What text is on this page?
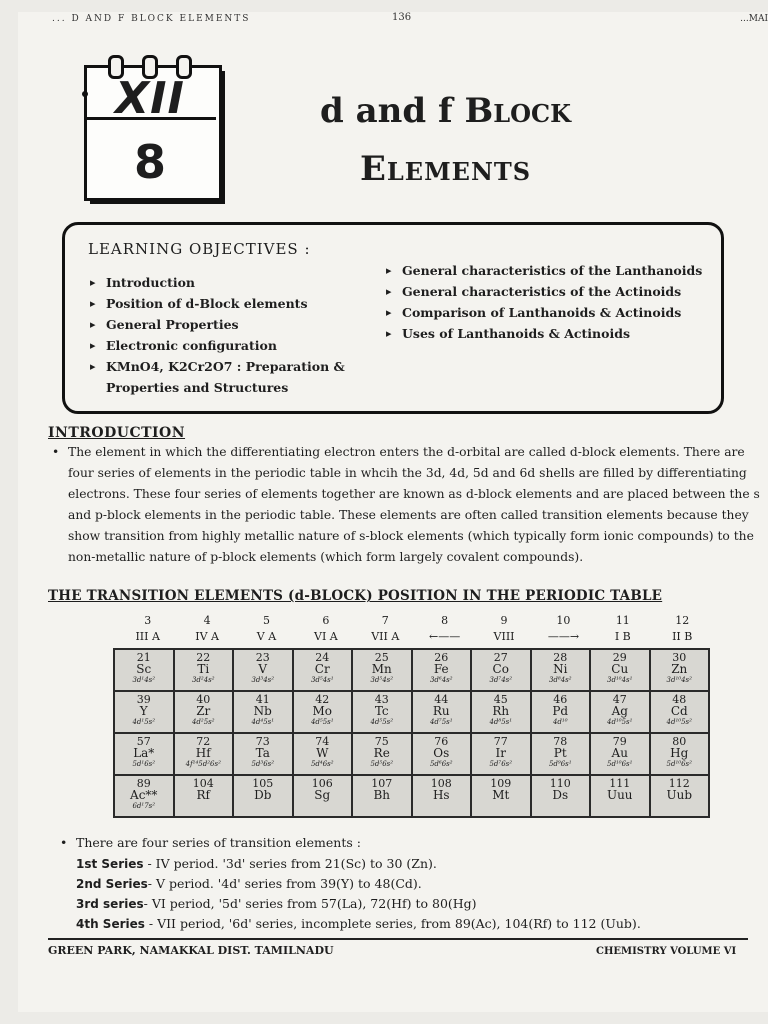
... D AND F BLOCK ELEMENTS	136	...MAI
XII
8
d and f Block
Elements
LEARNING OBJECTIVES :
▸ Introduction
▸ Position of d-Block elements
▸ General Properties
▸ Electronic configuration
▸ KMnO4, K2Cr2O7 : Preparation & Properties and Structures
▸ General characteristics of the Lanthanoids
▸ General characteristics of the Actinoids
▸ Comparison of Lanthanoids & Actinoids
▸ Uses of Lanthanoids & Actinoids
INTRODUCTION
• The element in which the differentiating electron enters the d-orbital are called d-block elements. There are four series of elements in the periodic table in whcih the 3d, 4d, 5d and 6d shells are filled by differentiating electrons. These four series of elements together are known as d-block elements and are placed between the s and p-block elements in the periodic table. These elements are often called transition elements because they show transition from highly metallic nature of s-block elements (which typically form ionic compounds) to the non-metallic nature of p-block elements (which form largely covalent compounds).
THE TRANSITION ELEMENTS (d-BLOCK) POSITION IN THE PERIODIC TABLE
3	4	5	6	7	8	9	10	11	12
III A	IV A	V A	VI A	VII A	←——	VIII	——→	I B	II B
21
Sc
3d¹4s²	22
Ti
3d²4s²	23
V
3d³4s²	24
Cr
3d⁵4s¹	25
Mn
3d⁵4s²	26
Fe
3d⁶4s²	27
Co
3d⁷4s²	28
Ni
3d⁸4s²	29
Cu
3d¹⁰4s¹	30
Zn
3d¹⁰4s²

39
Y
4d¹5s²	40
Zr
4d²5s²	41
Nb
4d⁴5s¹	42
Mo
4d⁵5s¹	43
Tc
4d⁵5s²	44
Ru
4d⁷5s¹	45
Rh
4d⁸5s¹	46
Pd
4d¹⁰	47
Ag
4d¹⁰5s¹	48
Cd
4d¹⁰5s²

57
La*
5d¹6s²	72
Hf
4f¹⁴5d²6s²	73
Ta
5d³6s²	74
W
5d⁴6s²	75
Re
5d⁵6s²	76
Os
5d⁶6s²	77
Ir
5d⁷6s²	78
Pt
5d⁹6s¹	79
Au
5d¹⁰6s¹	80
Hg
5d¹⁰6s²

89
Ac**
6d¹7s²	104
Rf	105
Db	106
Sg	107
Bh	108
Hs	109
Mt	110
Ds	111
Uuu	112
Uub
• There are four series of transition elements :
1st Series - IV period. '3d' series from 21(Sc) to 30 (Zn).
2nd Series- V period. '4d' series from 39(Y) to 48(Cd).
3rd series- VI period, '5d' series from 57(La), 72(Hf) to 80(Hg)
4th Series - VII period, '6d' series, incomplete series, from 89(Ac), 104(Rf) to 112 (Uub).
GREEN PARK, NAMAKKAL DIST. TAMILNADU	CHEMISTRY VOLUME VI
